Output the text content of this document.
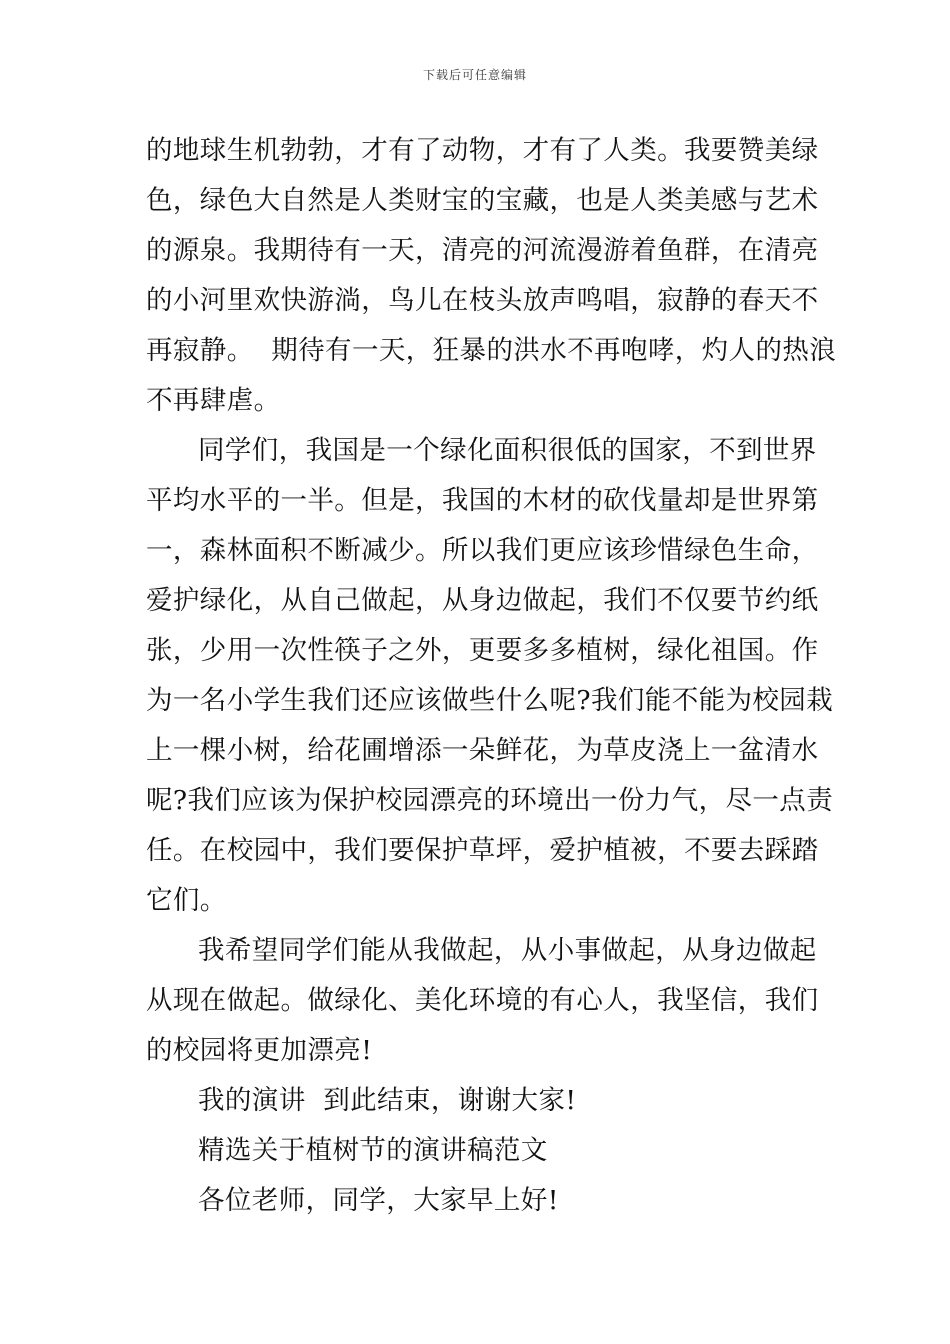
下载后可任意编辑
的地球生机勃勃，才有了动物，才有了人类。我要赞美绿
色，绿色大自然是人类财宝的宝藏，也是人类美感与艺术
的源泉。我期待有一天，清亮的河流漫游着鱼群，在清亮
的小河里欢快游淌，鸟儿在枝头放声鸣唱，寂静的春天不
再寂静。  期待有一天，狂暴的洪水不再咆哮，灼人的热浪
不再肆虐。
同学们，我国是一个绿化面积很低的国家，不到世界
平均水平的一半。但是，我国的木材的砍伐量却是世界第
一，森林面积不断减少。所以我们更应该珍惜绿色生命，
爱护绿化，从自己做起，从身边做起，我们不仅要节约纸
张，少用一次性筷子之外，更要多多植树，绿化祖国。作
为一名小学生我们还应该做些什么呢?我们能不能为校园栽
上一棵小树，给花圃增添一朵鲜花，为草皮浇上一盆清水
呢?我们应该为保护校园漂亮的环境出一份力气，尽一点责
任。在校园中，我们要保护草坪，爱护植被，不要去踩踏
它们。
我希望同学们能从我做起，从小事做起，从身边做起
从现在做起。做绿化、美化环境的有心人，我坚信，我们
的校园将更加漂亮!
我的演讲  到此结束，谢谢大家!
精选关于植树节的演讲稿范文
各位老师，同学，大家早上好!
